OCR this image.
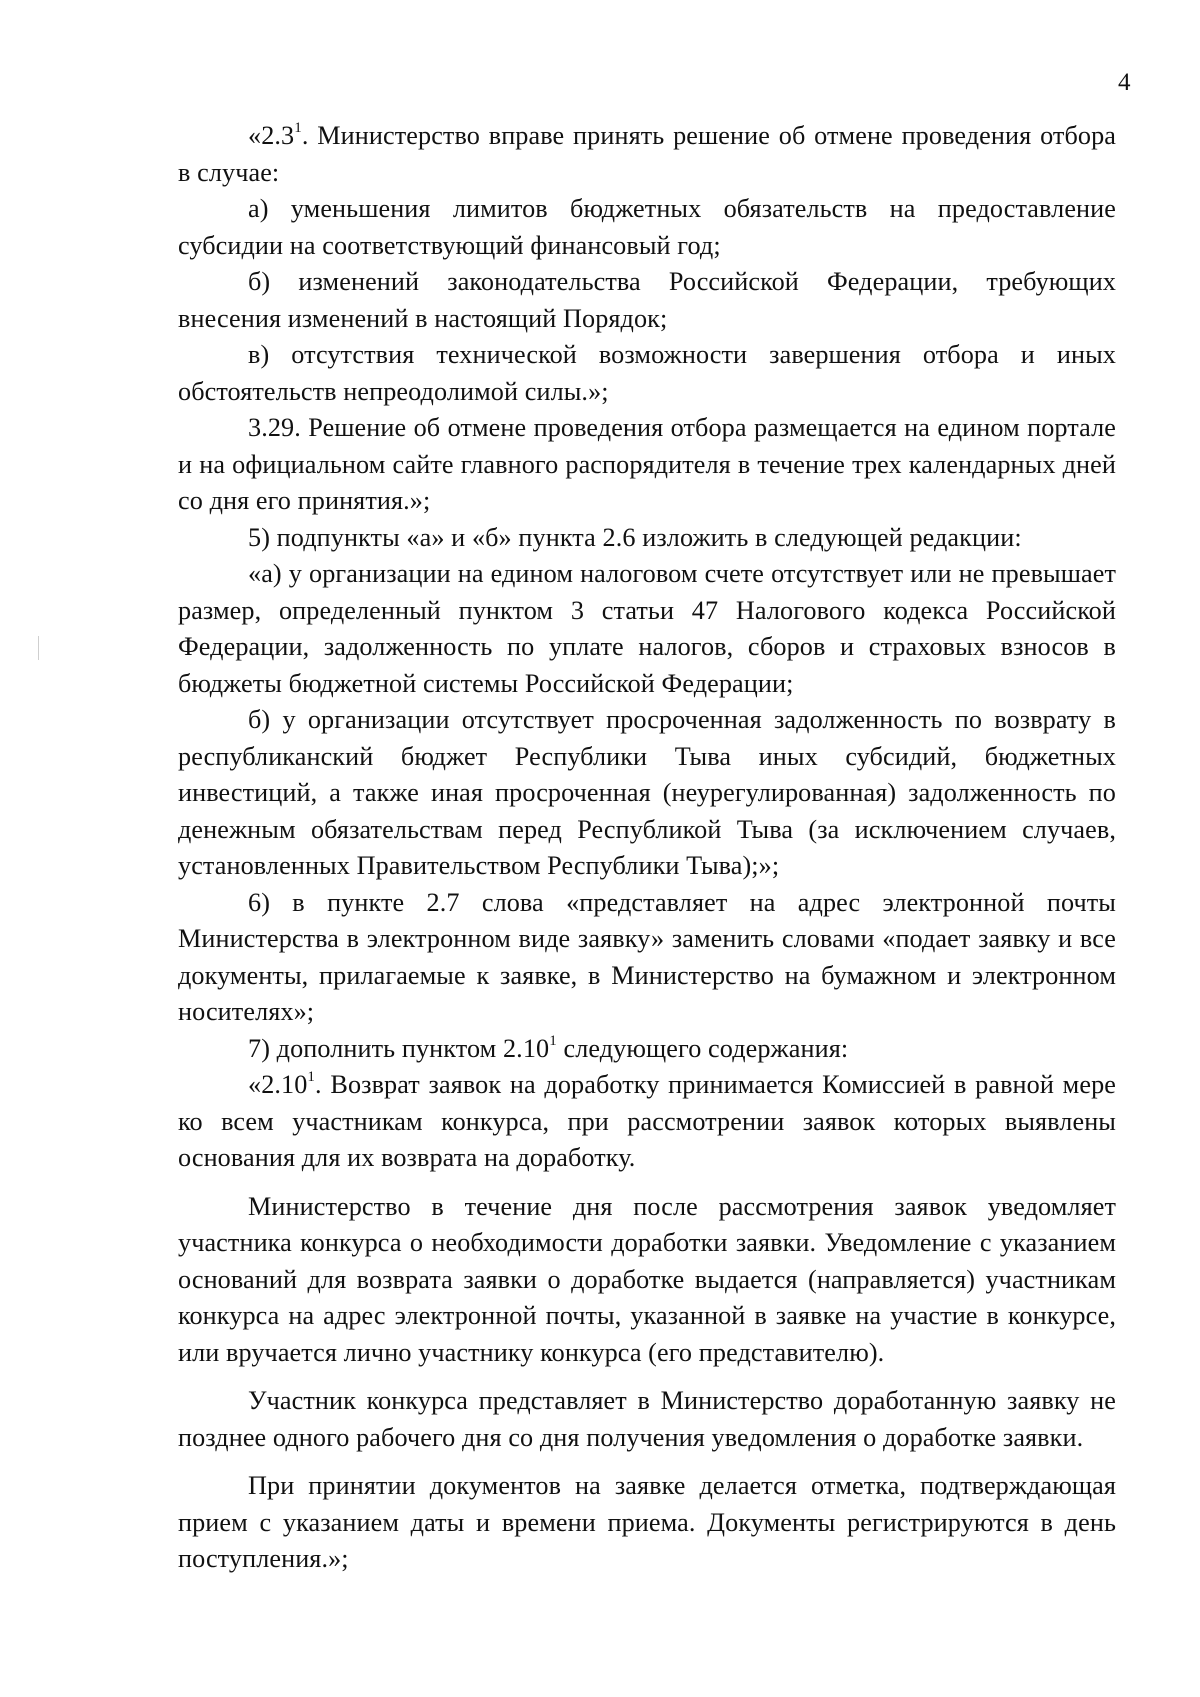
4

«$2.3^1$. Министерство вправе принять решение об отмене проведения отбора в случае:

а) уменьшения лимитов бюджетных обязательств на предоставление субсидии на соответствующий финансовый год;

б) изменений законодательства Российской Федерации, требующих внесения изменений в настоящий Порядок;

в) отсутствия технической возможности завершения отбора и иных обстоятельств непреодолимой силы.»;

3.29. Решение об отмене проведения отбора размещается на едином портале и на официальном сайте главного распорядителя в течение трех календарных дней со дня его принятия.»;

5) подпункты «а» и «б» пункта 2.6 изложить в следующей редакции:

«а) у организации на едином налоговом счете отсутствует или не превышает размер, определенный пунктом 3 статьи 47 Налогового кодекса Российской Федерации, задолженность по уплате налогов, сборов и страховых взносов в бюджеты бюджетной системы Российской Федерации;

б) у организации отсутствует просроченная задолженность по возврату в республиканский бюджет Республики Тыва иных субсидий, бюджетных инвестиций, а также иная просроченная (неурегулированная) задолженность по денежным обязательствам перед Республикой Тыва (за исключением случаев, установленных Правительством Республики Тыва);»;

6) в пункте 2.7 слова «представляет на адрес электронной почты Министерства в электронном виде заявку» заменить словами «подает заявку и все документы, прилагаемые к заявке, в Министерство на бумажном и электронном носителях»;

7) дополнить пунктом 2.10$^1$ следующего содержания:

«2.10$^1$. Возврат заявок на доработку принимается Комиссией в равной мере ко всем участникам конкурса, при рассмотрении заявок которых выявлены основания для их возврата на доработку.

Министерство в течение дня после рассмотрения заявок уведомляет участника конкурса о необходимости доработки заявки. Уведомление с указанием оснований для возврата заявки о доработке выдается (направляется) участникам конкурса на адрес электронной почты, указанной в заявке на участие в конкурсе, или вручается лично участнику конкурса (его представителю).

Участник конкурса представляет в Министерство доработанную заявку не позднее одного рабочего дня со дня получения уведомления о доработке заявки.

При принятии документов на заявке делается отметка, подтверждающая прием с указанием даты и времени приема. Документы регистрируются в день поступления.»;
